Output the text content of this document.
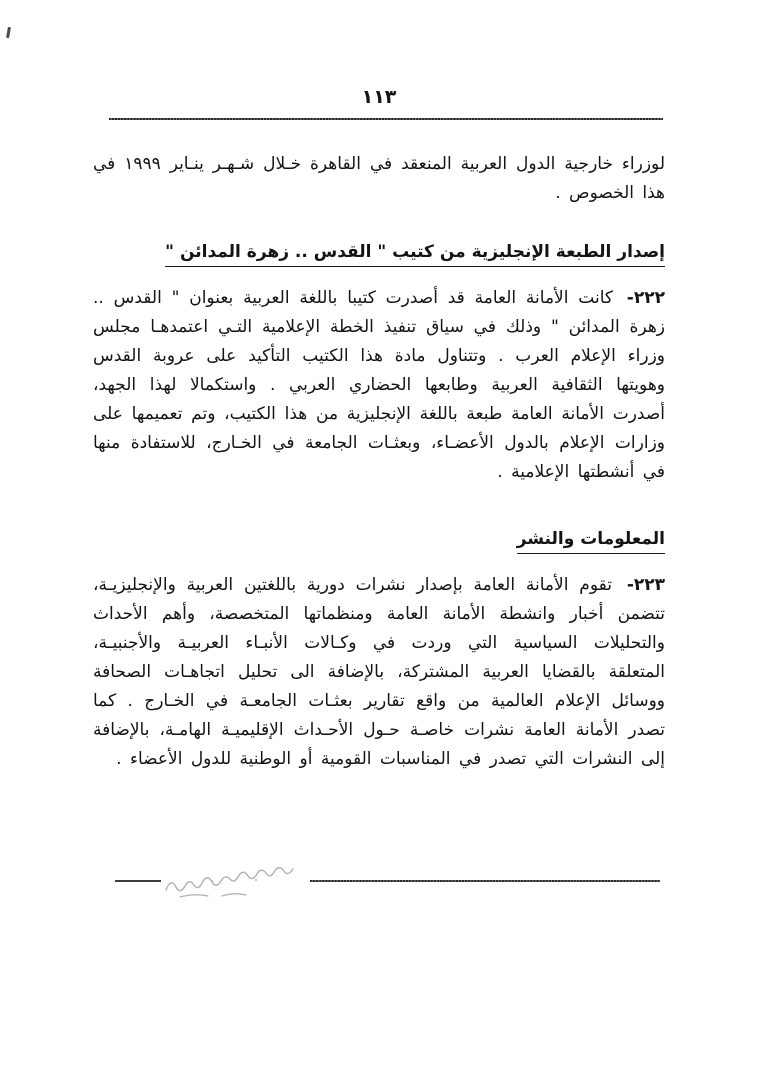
١١٣

لوزراء خارجية الدول العربية المنعقد في القاهرة خـلال شـهـر ينـاير ١٩٩٩ في هذا الخصوص .

إصدار الطبعة الإنجليزية من كتيب " القدس .. زهرة المدائن "

٢٢٢- كانت الأمانة العامة قد أصدرت كتيبا باللغة العربية بعنوان " القدس .. زهرة المدائن " وذلك في سياق تنفيذ الخطة الإعلامية التـي اعتمدهـا مجلس وزراء الإعلام العرب . وتتناول مادة هذا الكتيب التأكيد على عروبة القدس وهويتها الثقافية العربية وطابعها الحضاري العربي . واستكمالا لهذا الجهد، أصدرت الأمانة العامة طبعة باللغة الإنجليزية من هذا الكتيب، وتم تعميمها على وزارات الإعلام بالدول الأعضـاء، وبعثـات الجامعة في الخـارج، للاستفادة منها في أنشطتها الإعلامية .

المعلومات والنشر

٢٢٣- تقوم الأمانة العامة بإصدار نشرات دورية باللغتين العربية والإنجليزيـة، تتضمن أخبار وانشطة الأمانة العامة ومنظماتها المتخصصة، وأهم الأحداث والتحليلات السياسية التي وردت في وكـالات الأنبـاء العربيـة والأجنبيـة، المتعلقة بالقضايا العربية المشتركة، بالإضافة الى تحليل اتجاهـات الصحافة ووسائل الإعلام العالمية من واقع تقارير بعثـات الجامعـة في الخـارج . كما تصدر الأمانة العامة نشرات خاصـة حـول الأحـداث الإقليميـة الهامـة، بالإضافة إلى النشرات التي تصدر في المناسبات القومية أو الوطنية للدول الأعضاء .
